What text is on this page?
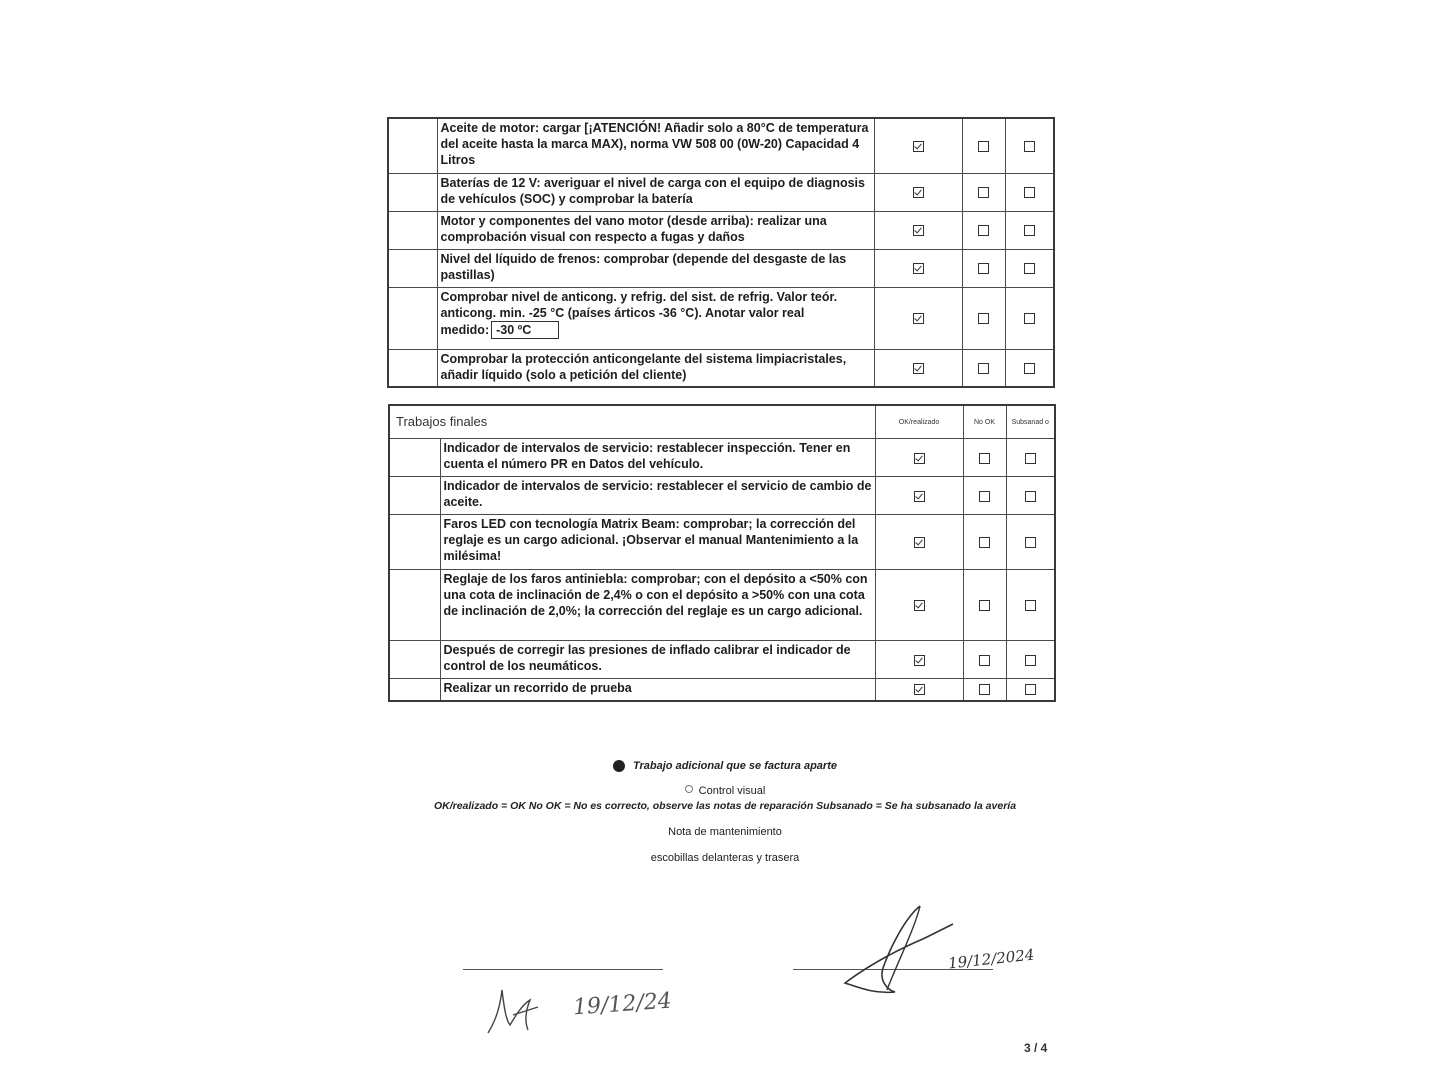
	Aceite de motor: cargar [¡ATENCIÓN! Añadir solo a 80°C de temperatura del aceite hasta la marca MAX), norma VW 508 00 (0W-20) Capacidad 4 Litros			
	Baterías de 12 V: averiguar el nivel de carga con el equipo de diagnosis de vehículos (SOC) y comprobar la batería			
	Motor y componentes del vano motor (desde arriba): realizar una comprobación visual con respecto a fugas y daños			
	Nivel del líquido de frenos: comprobar (depende del desgaste de las pastillas)			
	Comprobar nivel de anticong. y refrig. del sist. de refrig. Valor teór. anticong. min. -25 °C (países árticos -36 °C). Anotar valor real
medido: -30 ºC			
	Comprobar la protección anticongelante del sistema limpiacristales, añadir líquido (solo a petición del cliente)			
Trabajos finales		OK/realizado	No OK	Subsanad o
	Indicador de intervalos de servicio: restablecer inspección. Tener en cuenta el número PR en Datos del vehículo.			
	Indicador de intervalos de servicio: restablecer el servicio de cambio de aceite.			
	Faros LED con tecnología Matrix Beam: comprobar; la corrección del reglaje es un cargo adicional. ¡Observar el manual Mantenimiento a la milésima!			
	Reglaje de los faros antiniebla: comprobar; con el depósito a <50% con una cota de inclinación de 2,4% o con el depósito a >50% con una cota de inclinación de 2,0%; la corrección del reglaje es un cargo adicional.			
	Después de corregir las presiones de inflado calibrar el indicador de control de los neumáticos.			
	Realizar un recorrido de prueba			
Trabajo adicional que se factura aparte
Control visual
OK/realizado = OK No OK = No es correcto, observe las notas de reparación Subsanado = Se ha subsanado la avería
Nota de mantenimiento
escobillas delanteras y trasera
19/12/2024
19/12/24
3 / 4
